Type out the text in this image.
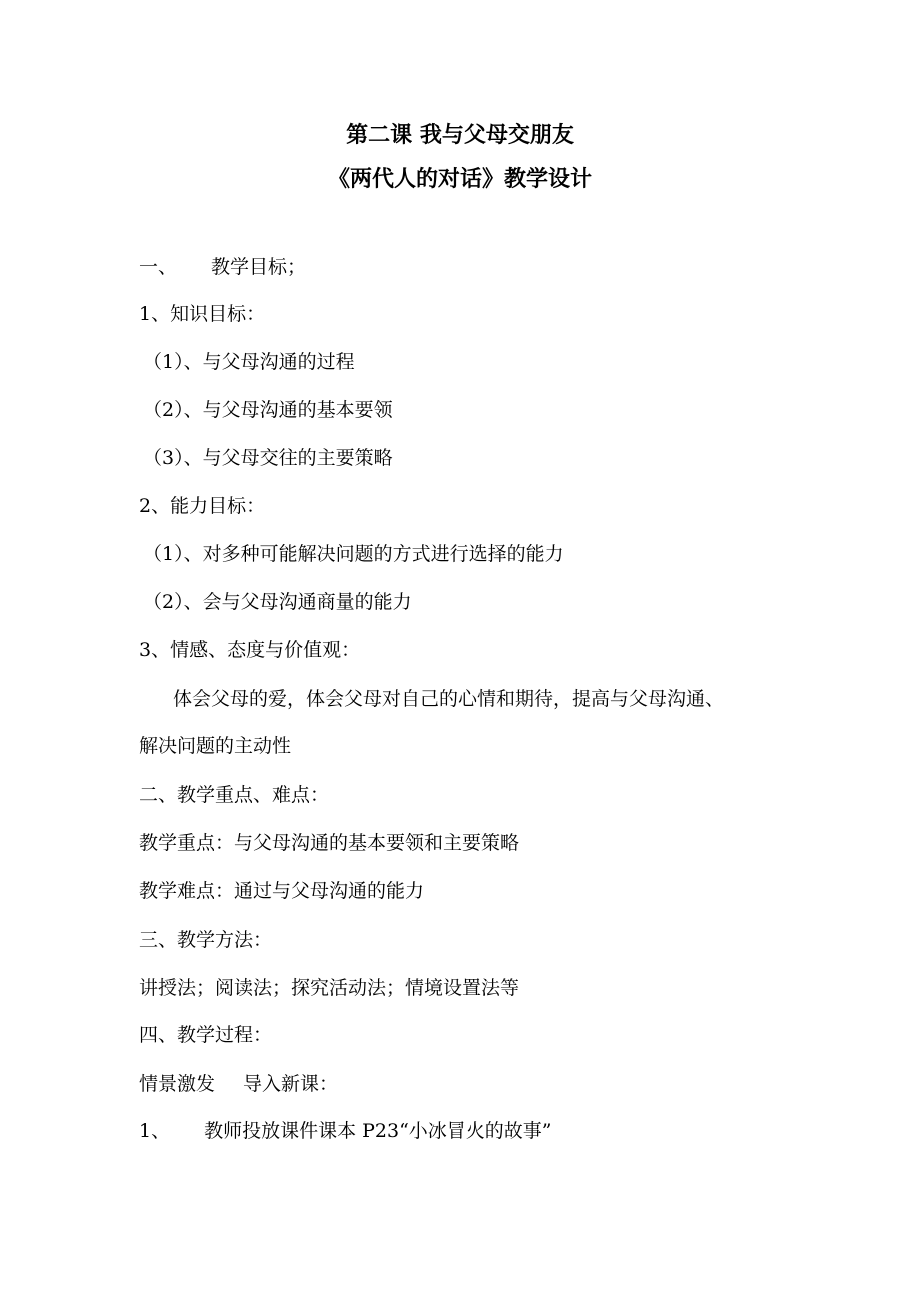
第二课 我与父母交朋友
《两代人的对话》教学设计
一、 教学目标；
1、知识目标：
（1）、与父母沟通的过程
（2）、与父母沟通的基本要领
（3）、与父母交往的主要策略
2、能力目标：
（1）、对多种可能解决问题的方式进行选择的能力
（2）、会与父母沟通商量的能力
3、情感、态度与价值观：
体会父母的爱，体会父母对自己的心情和期待，提高与父母沟通、
解决问题的主动性
二、教学重点、难点：
教学重点：与父母沟通的基本要领和主要策略
教学难点：通过与父母沟通的能力
三、教学方法：
讲授法；阅读法；探究活动法；情境设置法等
四、教学过程：
情景激发 导入新课：
1、 教师投放课件课本 P23“小冰冒火的故事”
